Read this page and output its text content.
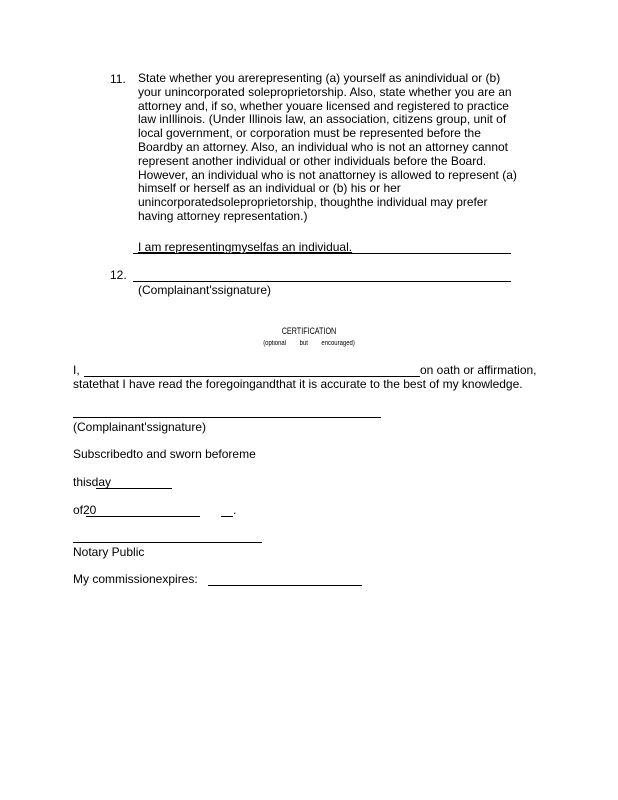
11. State whether you arerepresenting (a) yourself as anindividual or (b) your unincorporated soleproprietorship. Also, state whether you are an attorney and, if so, whether youare licensed and registered to practice law inIllinois. (Under Illinois law, an association, citizens group, unit of local government, or corporation must be represented before the Boardby an attorney. Also, an individual who is not an attorney cannot represent another individual or other individuals before the Board. However, an individual who is not anattorney is allowed to represent (a) himself or herself as an individual or (b) his or her unincorporatedsoleproprietorship, thoughthe individual may prefer having attorney representation.)
I am representingmyselfas an individual.
12.
(Complainant'ssignature)
CERTIFICATION
(optional but encouraged)
I,	on oath or affirmation,
statethat I have read the foregoingandthat it is accurate to the best of my knowledge.
(Complainant'ssignature)
Subscribedto and sworn beforeme
thisday
of20	.
Notary Public
My commissionexpires:
